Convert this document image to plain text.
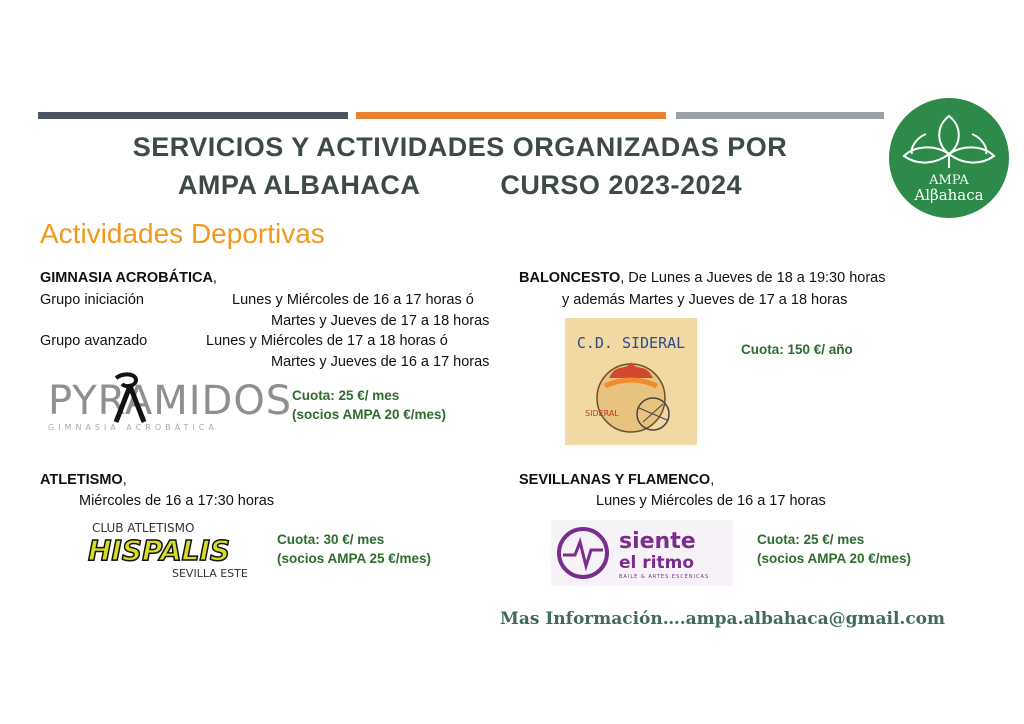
SERVICIOS Y ACTIVIDADES ORGANIZADAS POR
AMPA ALBAHACA	CURSO 2023-2024	AMPA
Alβahaca
Actividades Deportivas
GIMNASIA ACROBÁTICA,
Grupo iniciación	Lunes y Miércoles de 16 a 17 horas ó
Martes y Jueves de 17 a 18 horas
Grupo avanzado	Lunes y Miércoles de 17 a 18 horas ó
Martes y Jueves de 16 a 17 horas
PYRAMIDOS
GIMNASIA ACROBÁTICA
Cuota: 25 €/ mes
(socios AMPA 20 €/mes)
BALONCESTO, De Lunes a Jueves de 18 a 19:30 horas
y además Martes y Jueves de 17 a 18 horas
C.D. SIDERAL
SIDERAL
Cuota: 150 €/ año
ATLETISMO,
Miércoles de 16 a 17:30 horas
CLUB ATLETISMO
HISPALIS
SEVILLA ESTE
Cuota: 30 €/ mes
(socios AMPA 25 €/mes)
SEVILLANAS Y FLAMENCO,
Lunes y Miércoles de 16 a 17 horas
siente
el ritmo
BAILE & ARTES ESCÉNICAS
Cuota: 25 €/ mes
(socios AMPA 20 €/mes)
Mas Información….ampa.albahaca@gmail.com
